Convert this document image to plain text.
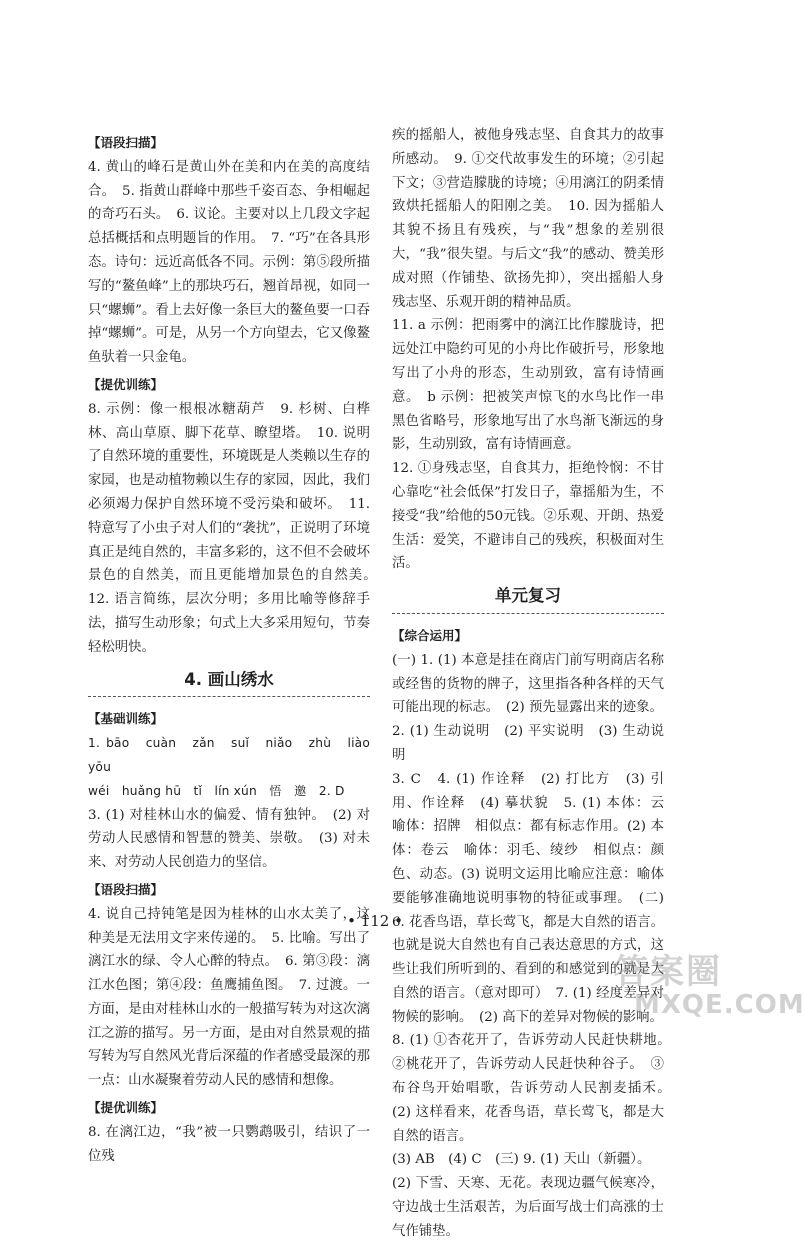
【语段扫描】

4. 黄山的峰石是黄山外在美和内在美的高度结合。　5. 指黄山群峰中那些千姿百态、争相崛起的奇巧石头。　6. 议论。主要对以上几段文字起总括概括和点明题旨的作用。　7. “巧”在各具形态。诗句：远近高低各不同。示例：第⑤段所描写的“鳌鱼峰”上的那块巧石，翘首昂视，如同一只“螺蛳”。看上去好像一条巨大的鳌鱼要一口吞掉“螺蛳”。可是，从另一个方向望去，它又像鳌鱼驮着一只金龟。

【提优训练】

8. 示例：像一根根冰糖葫芦　9. 杉树、白桦林、高山草原、脚下花草、瞭望塔。　10. 说明了自然环境的重要性，环境既是人类赖以生存的家园，也是动植物赖以生存的家园，因此，我们必须竭力保护自然环境不受污染和破坏。　11. 特意写了小虫子对人们的“袭扰”，正说明了环境真正是纯自然的，丰富多彩的，这不但不会破坏景色的自然美，而且更能增加景色的自然美。　12. 语言简练，层次分明；多用比喻等修辞手法，描写生动形象；句式上大多采用短句，节奏轻松明快。

4. 画山绣水
【基础训练】

1. bāo　cuàn　zǎn　suǐ　niǎo　zhù　liào　yōu

wéi　huǎng hū　tǐ　lín xún　悟　邀　2. D

3. (1) 对桂林山水的偏爱、情有独钟。　(2) 对劳动人民感情和智慧的赞美、崇敬。　(3) 对未来、对劳动人民创造力的坚信。

【语段扫描】

4. 说自己持钝笔是因为桂林的山水太美了，这种美是无法用文字来传递的。　5. 比喻。写出了漓江水的绿、令人心醉的特点。　6. 第③段：漓江水色图；第④段：鱼鹰捕鱼图。　7. 过渡。一方面，是由对桂林山水的一般描写转为对这次漓江之游的描写。另一方面，是由对自然景观的描写转为写自然风光背后深蕴的作者感受最深的那一点：山水凝聚着劳动人民的感情和想像。

【提优训练】

8. 在漓江边，“我”被一只鹦鹉吸引，结识了一位残

疾的摇船人，被他身残志坚、自食其力的故事所感动。　9. ①交代故事发生的环境；②引起下文；③营造朦胧的诗境；④用漓江的阴柔情致烘托摇船人的阳刚之美。　10. 因为摇船人其貌不扬且有残疾，与“我”想象的差别很大，“我”很失望。与后文“我”的感动、赞美形成对照（作铺垫、欲扬先抑），突出摇船人身残志坚、乐观开朗的精神品质。

11. a 示例：把雨雾中的漓江比作朦胧诗，把远处江中隐约可见的小舟比作破折号，形象地写出了小舟的形态，生动别致，富有诗情画意。　b 示例：把被笑声惊飞的水鸟比作一串黑色省略号，形象地写出了水鸟渐飞渐远的身影，生动别致，富有诗情画意。

12. ①身残志坚，自食其力，拒绝怜悯：不甘心靠吃“社会低保”打发日子，靠摇船为生，不接受“我”给他的50元钱。②乐观、开朗、热爱生活：爱笑，不避讳自己的残疾，积极面对生活。

单元复习
【综合运用】

(一) 1. (1) 本意是挂在商店门前写明商店名称或经售的货物的牌子，这里指各种各样的天气可能出现的标志。　(2) 预先显露出来的迹象。

2. (1) 生动说明　(2) 平实说明　(3) 生动说明

3. C　4. (1) 作诠释　(2) 打比方　(3) 引用、作诠释　(4) 摹状貌　5. (1) 本体：云　喻体：招牌　相似点：都有标志作用。(2) 本体：卷云　喻体：羽毛、绫纱　相似点：颜色、动态。(3) 说明文运用比喻应注意：喻体要能够准确地说明事物的特征或事理。　(二) 6. 花香鸟语，草长莺飞，都是大自然的语言。也就是说大自然也有自己表达意思的方式，这些让我们所听到的、看到的和感觉到的就是大自然的语言。（意对即可）　7. (1) 经度差异对物候的影响。　(2) 高下的差异对物候的影响。

8. (1) ①杏花开了，告诉劳动人民赶快耕地。　②桃花开了，告诉劳动人民赶快种谷子。　③布谷鸟开始唱歌，告诉劳动人民割麦插禾。　(2) 这样看来，花香鸟语，草长莺飞，都是大自然的语言。

(3) AB　(4) C　(三) 9. (1) 天山（新疆）。

(2) 下雪、天寒、无花。表现边疆气候寒冷，守边战士生活艰苦，为后面写战士们高涨的士气作铺垫。

• 112 •
答案圈
MXQE.COM
